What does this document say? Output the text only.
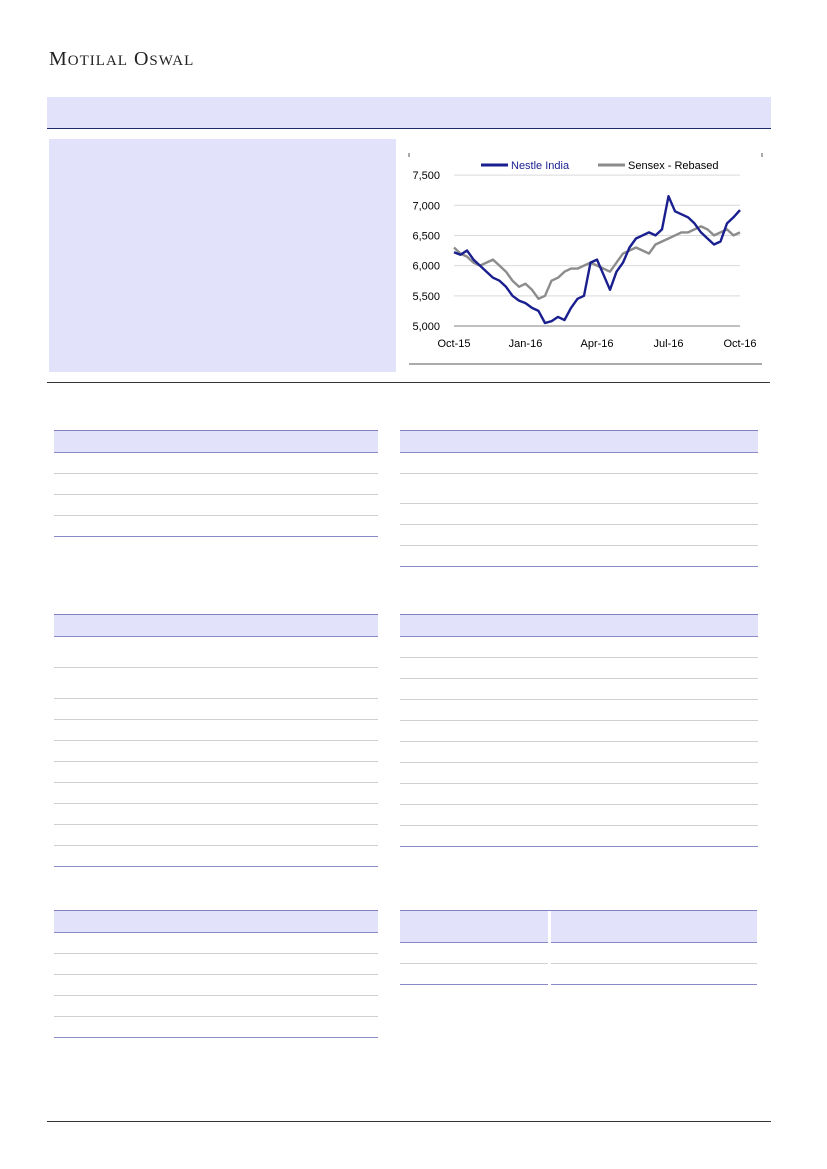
MOTILAL OSWAL
5,000
5,500
6,000
6,500
7,000
7,500
Oct-15	Jan-16	Apr-16	Jul-16	Oct-16
Nestle India	Sensex - Rebased
